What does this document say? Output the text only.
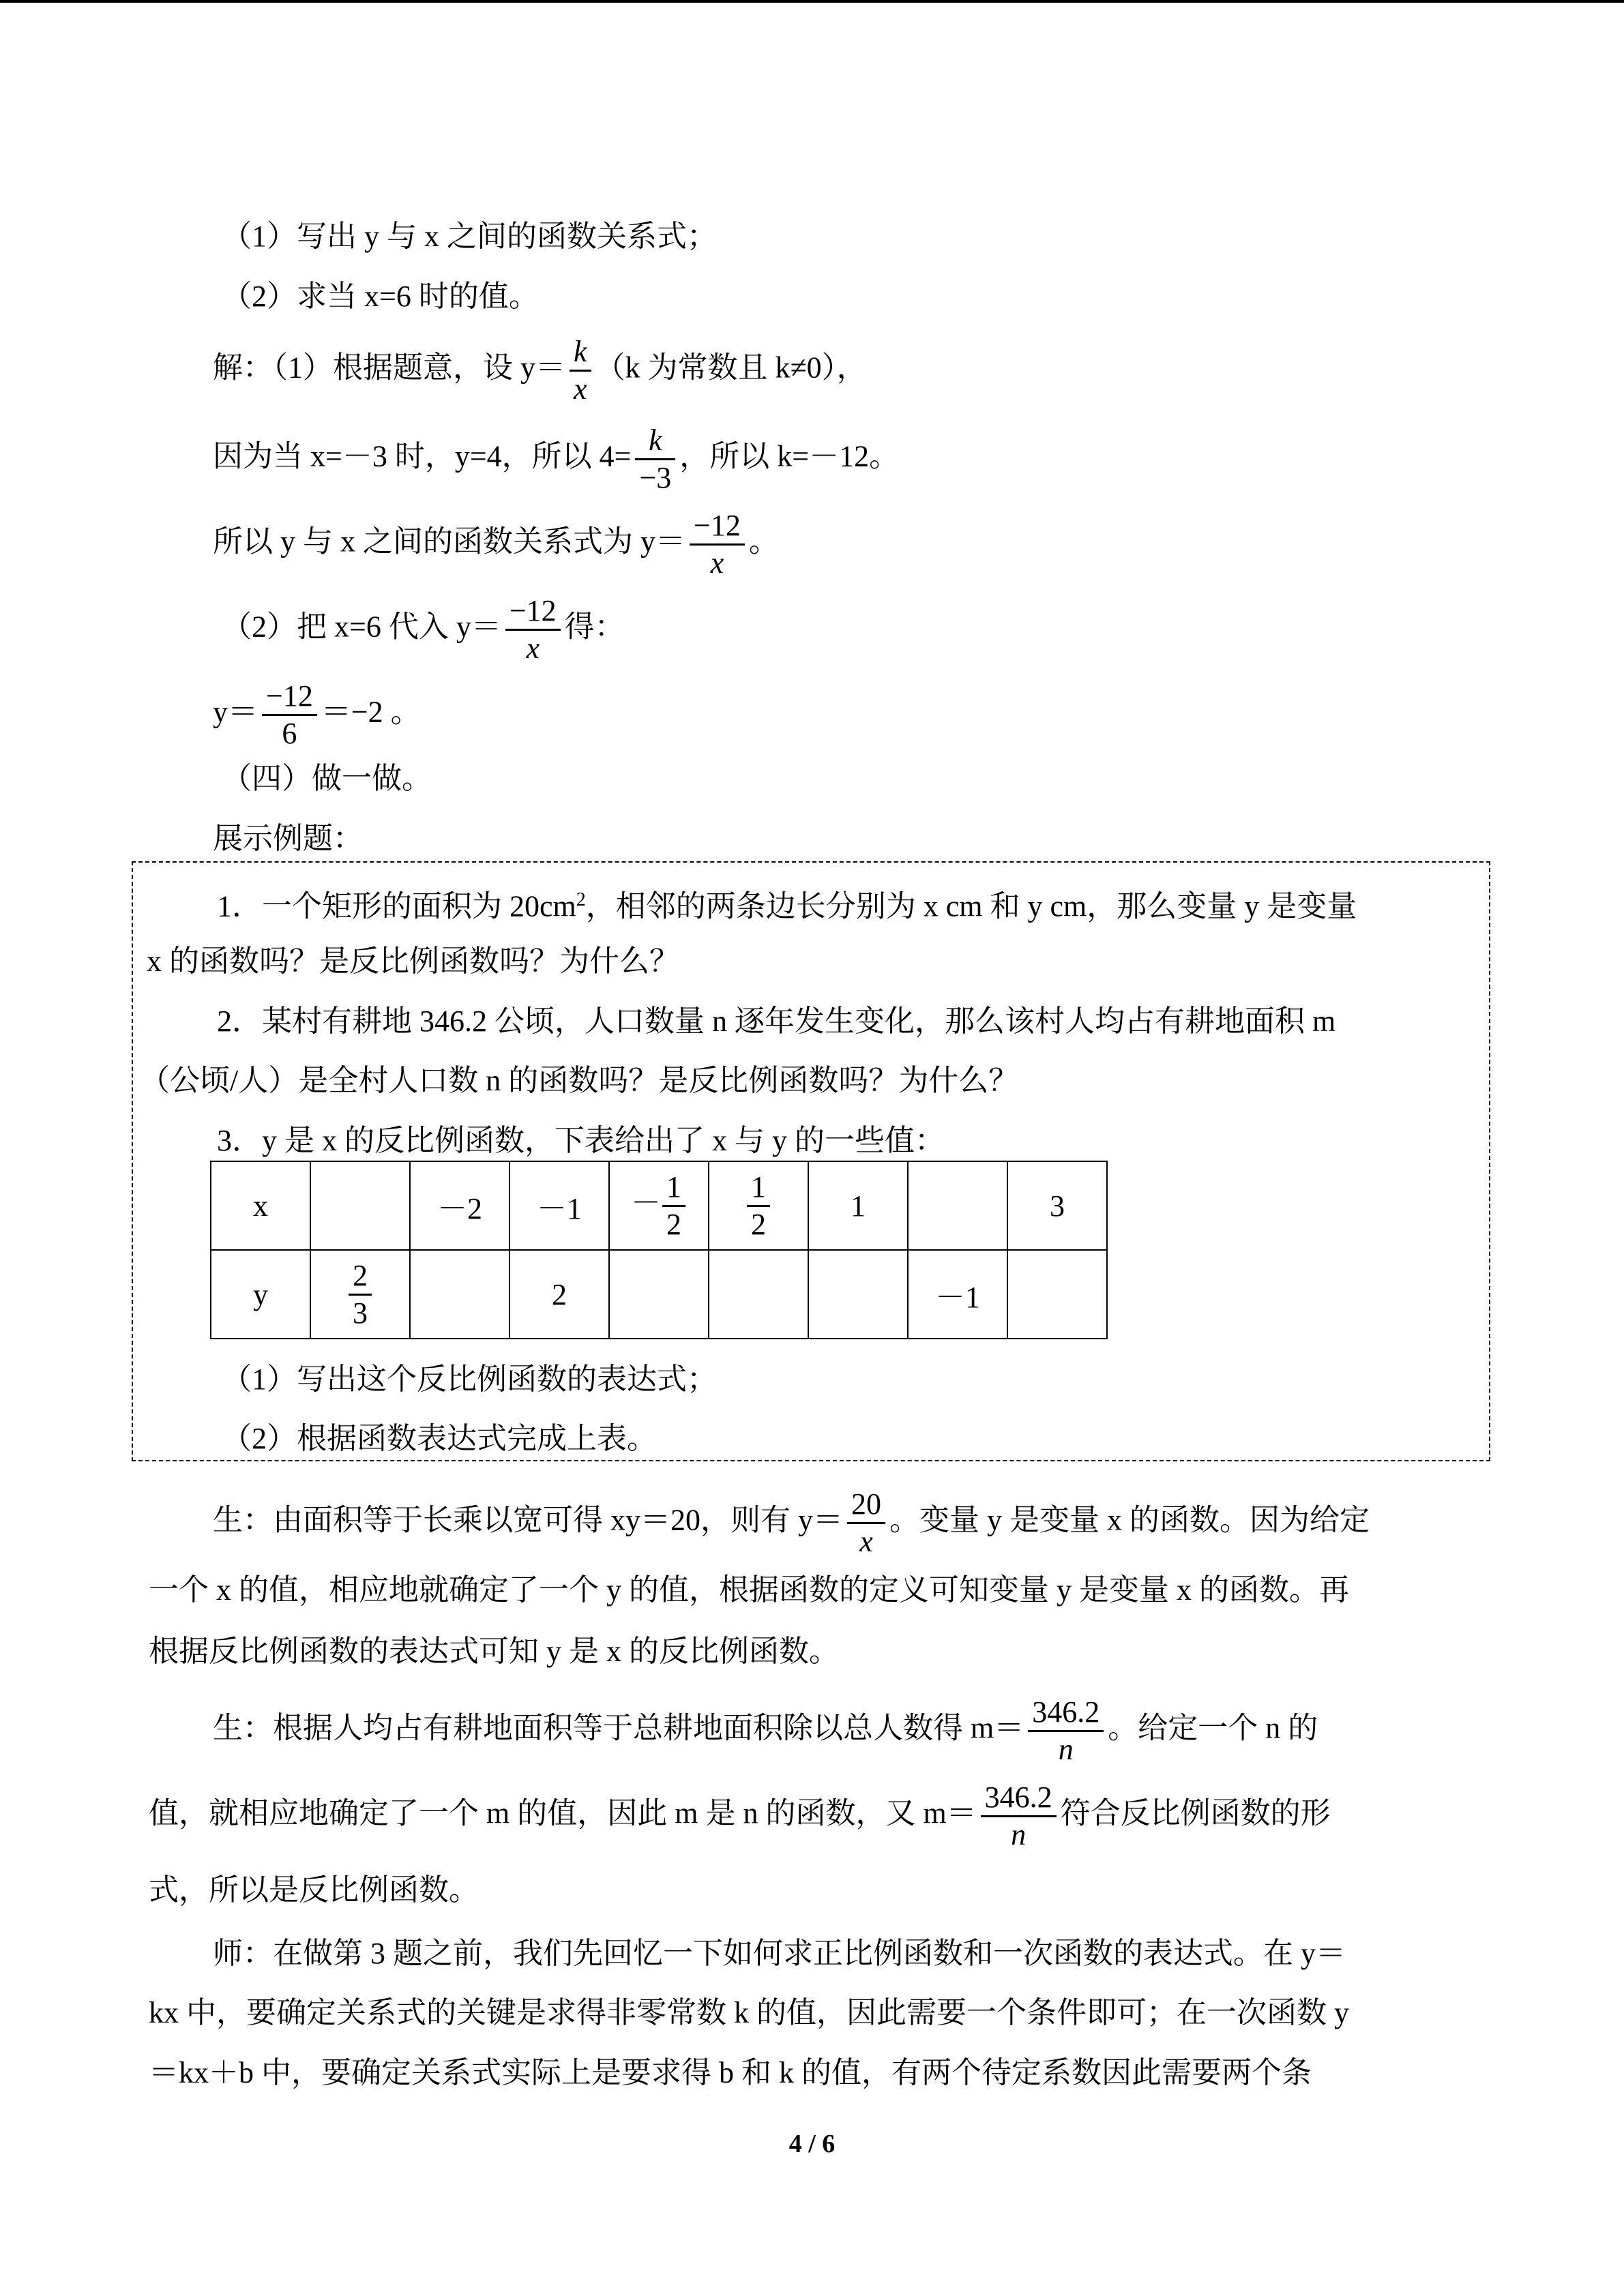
（1）写出 y 与 x 之间的函数关系式；
（2）求当 x=6 时的值。
解：（1）根据题意，设 $y= \frac{k}{x} (k$ 为常数且 k≠0），
因为当 x=－3 时，y=4，所以 $4= \frac{k}{-3}$ ，所以 k=－12。
所以 y 与 x 之间的函数关系式为 $y= \frac{-12}{x}$ 。
（2）把 x=6 代入 $y= \frac{-12}{x}$ 得：
$y= \frac{-12}{6} =-2$ 。
（四）做一做。
展示例题：
1．一个矩形的面积为 $20cm^2$，相邻的两条边长分别为 x cm 和 y cm，那么变量 y 是变量
x 的函数吗？是反比例函数吗？为什么？
2．某村有耕地 346.2 公顷，人口数量 n 逐年发生变化，那么该村人均占有耕地面积 m
（公顷/人）是全村人口数 n 的函数吗？是反比例函数吗？为什么？
3．y 是 x 的反比例函数，下表给出了 x 与 y 的一些值：
x		－2	－1	－ $\frac{1}{2}$	$\frac{1}{2}$	1		3
y	$\frac{2}{3}$		2				－1	
（1）写出这个反比例函数的表达式；
（2）根据函数表达式完成上表。
生：由面积等于长乘以宽可得 xy＝20，则有 $y= \frac{20}{x}$ 。变量 y 是变量 x 的函数。因为给定
一个 x 的值，相应地就确定了一个 y 的值，根据函数的定义可知变量 y 是变量 x 的函数。再
根据反比例函数的表达式可知 y 是 x 的反比例函数。
生：根据人均占有耕地面积等于总耕地面积除以总人数得 $m= \frac{346.2}{n}$ 。给定一个 n 的
值，就相应地确定了一个 m 的值，因此 m 是 n 的函数，又 $m= \frac{346.2}{n}$ 符合反比例函数的形
式，所以是反比例函数。
师：在做第 3 题之前，我们先回忆一下如何求正比例函数和一次函数的表达式。在 y＝
kx 中，要确定关系式的关键是求得非零常数 k 的值，因此需要一个条件即可；在一次函数 y
＝kx＋b 中，要确定关系式实际上是要求得 b 和 k 的值，有两个待定系数因此需要两个条
4 / 6
